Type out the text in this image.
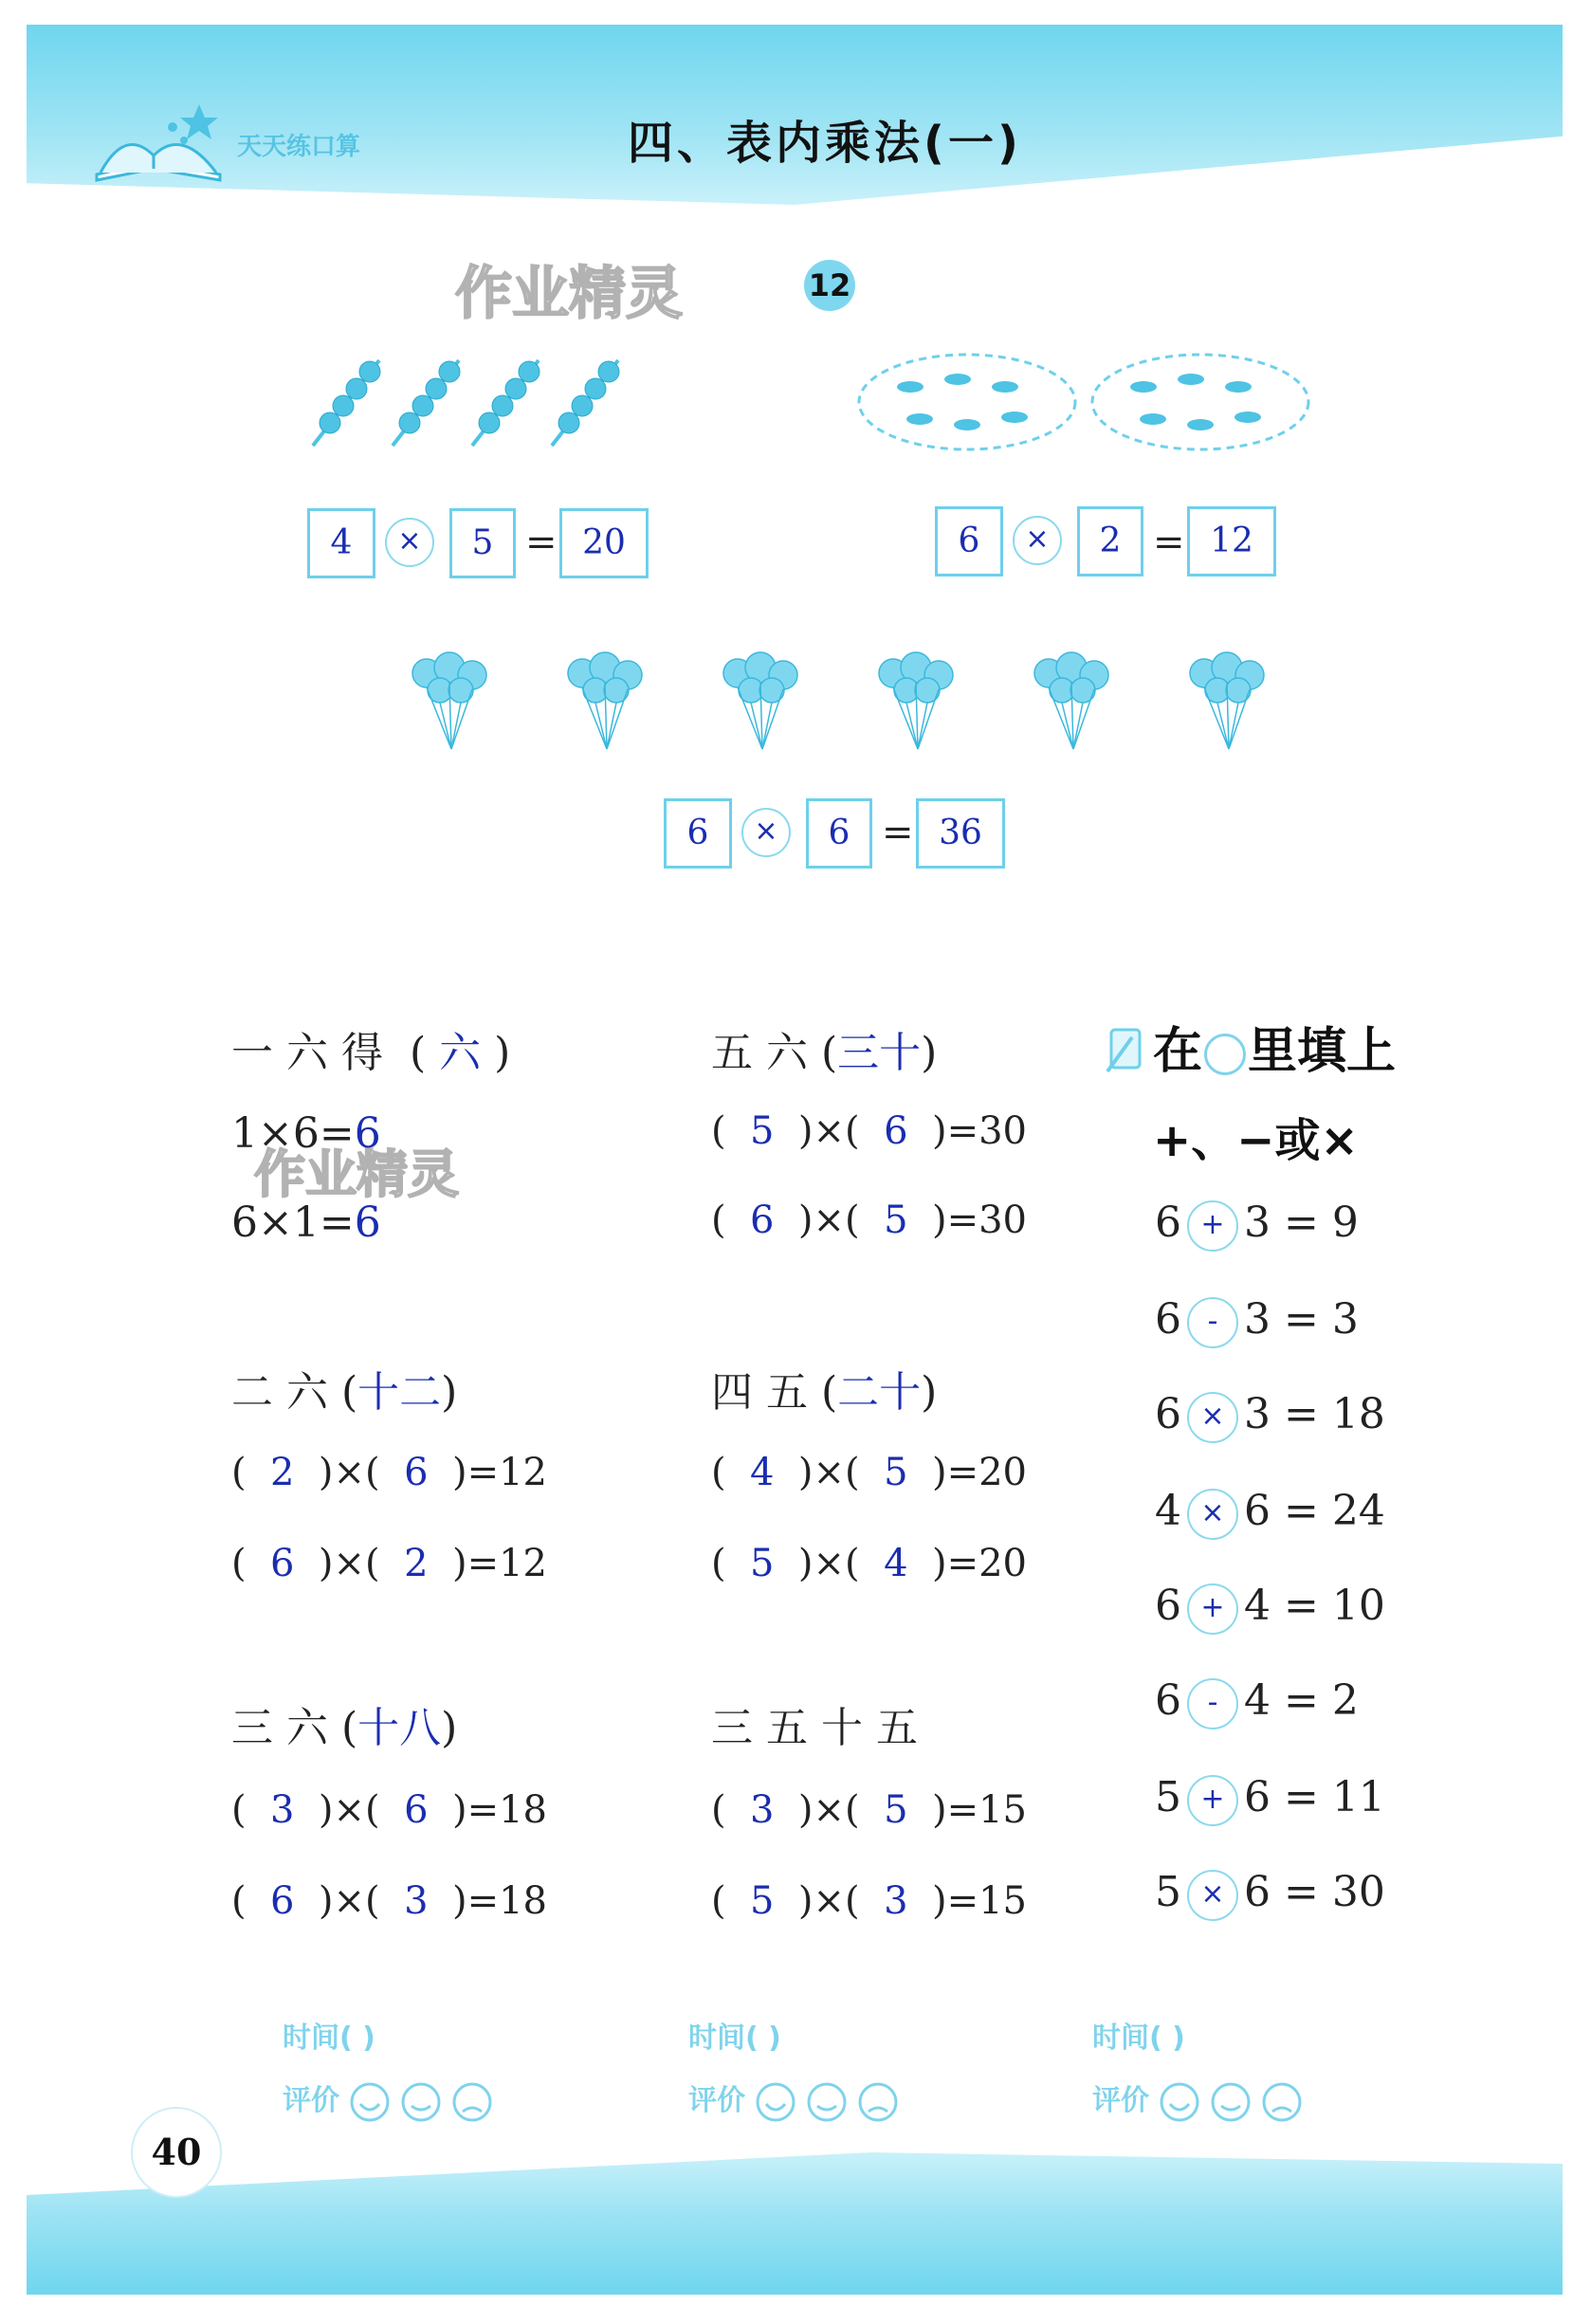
天天练口算	四、表内乘法(一)
作业精灵
作业精灵
12
4	×	5 = 20	6	×	2 = 12
6	×	6 = 36
一六得 ( 六 )
1×6=6
6×1=6
五 六 (三十)
(  5  )×(  6  )=30
(  6  )×(  5  )=30
二 六 (十二)
(  2  )×(  6  )=12
(  6  )×(  2  )=12
四 五 (二十)
(  4  )×(  5  )=20
(  5  )×(  4  )=20
三 六 (十八)
(  3  )×(  6  )=18
(  6  )×(  3  )=18
三 五 十 五
(  3  )×(  5  )=15
(  5  )×(  3  )=15
在 里填上
+、−或×
6 + 3 = 9
6 - 3 = 3
6 × 3 = 18
4 × 6 = 24
6 + 4 = 10
6 - 4 = 2
5 + 6 = 11
5 × 6 = 30
时间( )
评价
时间( )
评价
时间( )
评价
40
